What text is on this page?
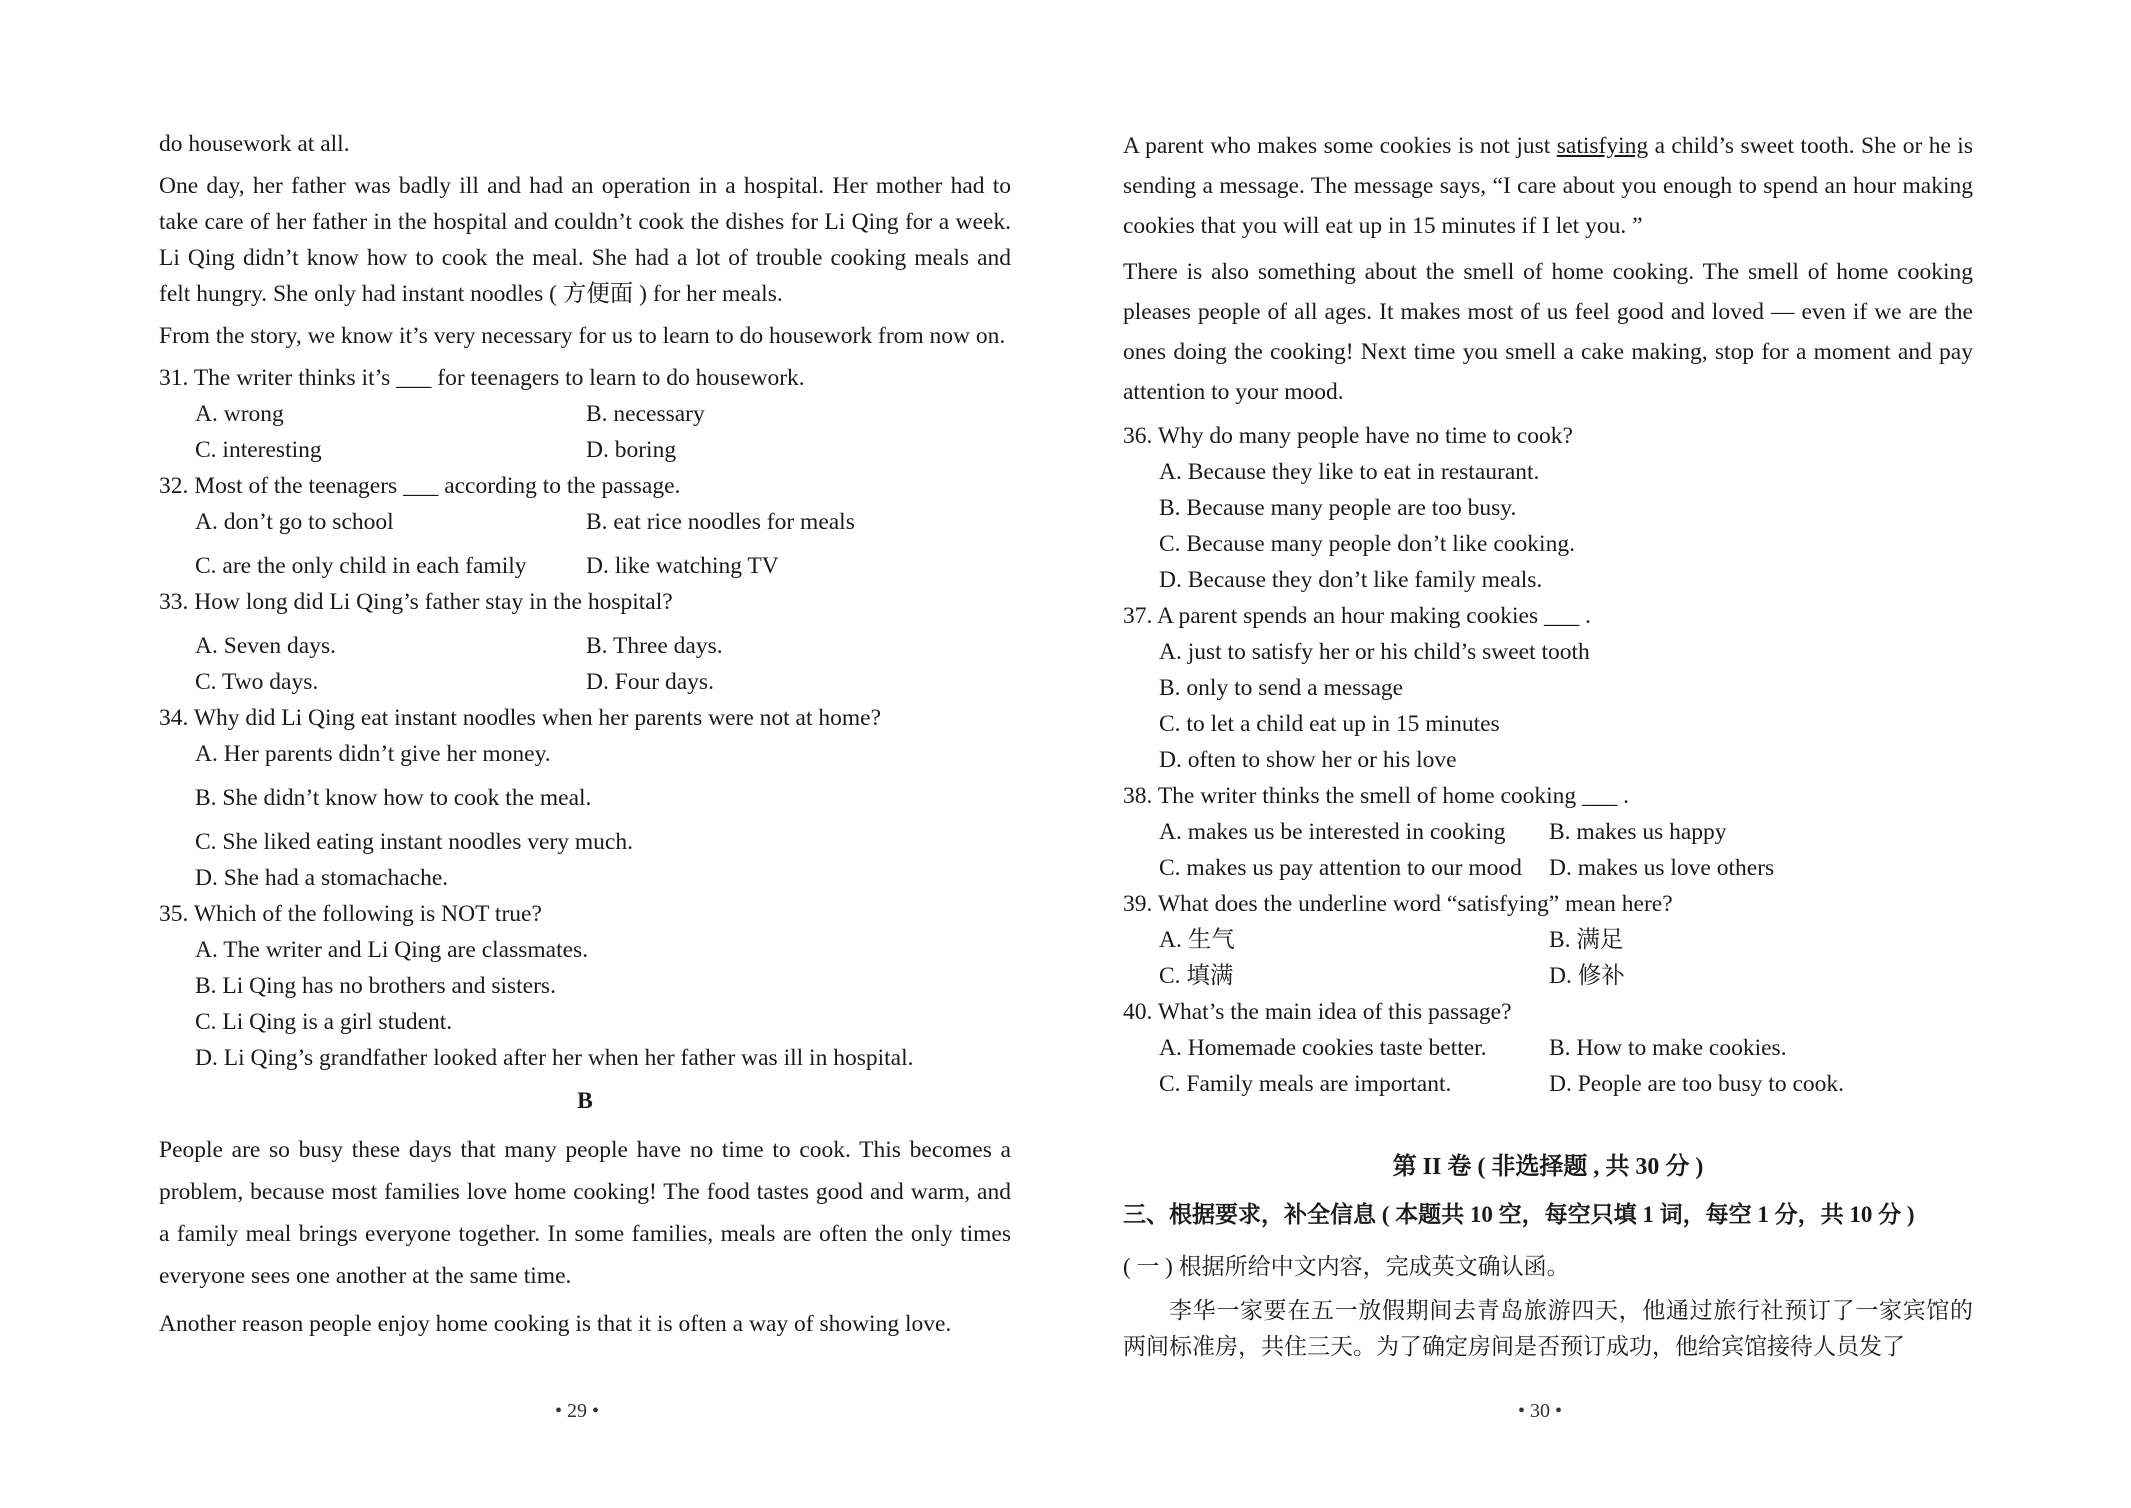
do housework at all.

One day, her father was badly ill and had an operation in a hospital. Her mother had to take care of her father in the hospital and couldn’t cook the dishes for Li Qing for a week. Li Qing didn’t know how to cook the meal. She had a lot of trouble cooking meals and felt hungry. She only had instant noodles ( 方便面 ) for her meals.

From the story, we know it’s very necessary for us to learn to do housework from now on.

31. The writer thinks it’s ___ for teenagers to learn to do housework.
A. wrong	B. necessary
C. interesting	D. boring
32. Most of the teenagers ___ according to the passage.
A. don’t go to school	B. eat rice noodles for meals
C. are the only child in each family	D. like watching TV
33. How long did Li Qing’s father stay in the hospital?
A. Seven days.	B. Three days.
C. Two days.	D. Four days.
34. Why did Li Qing eat instant noodles when her parents were not at home?
A. Her parents didn’t give her money.
B. She didn’t know how to cook the meal.
C. She liked eating instant noodles very much.
D. She had a stomachache.
35. Which of the following is NOT true?
A. The writer and Li Qing are classmates.
B. Li Qing has no brothers and sisters.
C. Li Qing is a girl student.
D. Li Qing’s grandfather looked after her when her father was ill in hospital.
B

People are so busy these days that many people have no time to cook. This becomes a problem, because most families love home cooking! The food tastes good and warm, and a family meal brings everyone together. In some families, meals are often the only times everyone sees one another at the same time.

Another reason people enjoy home cooking is that it is often a way of showing love.

• 29 •

A parent who makes some cookies is not just satisfying a child’s sweet tooth. She or he is sending a message. The message says, “I care about you enough to spend an hour making cookies that you will eat up in 15 minutes if I let you. ”

There is also something about the smell of home cooking. The smell of home cooking pleases people of all ages. It makes most of us feel good and loved — even if we are the ones doing the cooking! Next time you smell a cake making, stop for a moment and pay attention to your mood.

36. Why do many people have no time to cook?
A. Because they like to eat in restaurant.
B. Because many people are too busy.
C. Because many people don’t like cooking.
D. Because they don’t like family meals.
37. A parent spends an hour making cookies ___ .
A. just to satisfy her or his child’s sweet tooth
B. only to send a message
C. to let a child eat up in 15 minutes
D. often to show her or his love
38. The writer thinks the smell of home cooking ___ .
A. makes us be interested in cooking	B. makes us happy
C. makes us pay attention to our mood	D. makes us love others
39. What does the underline word “satisfying” mean here?
A. 生气	B. 满足
C. 填满	D. 修补
40. What’s the main idea of this passage?
A. Homemade cookies taste better.	B. How to make cookies.
C. Family meals are important.	D. People are too busy to cook.
第 II 卷 ( 非选择题 , 共 30 分 )
三、根据要求，补全信息 ( 本题共 10 空，每空只填 1 词，每空 1 分，共 10 分 )
( 一 ) 根据所给中文内容，完成英文确认函。

李华一家要在五一放假期间去青岛旅游四天，他通过旅行社预订了一家宾馆的两间标准房，共住三天。为了确定房间是否预订成功，他给宾馆接待人员发了

• 30 •
